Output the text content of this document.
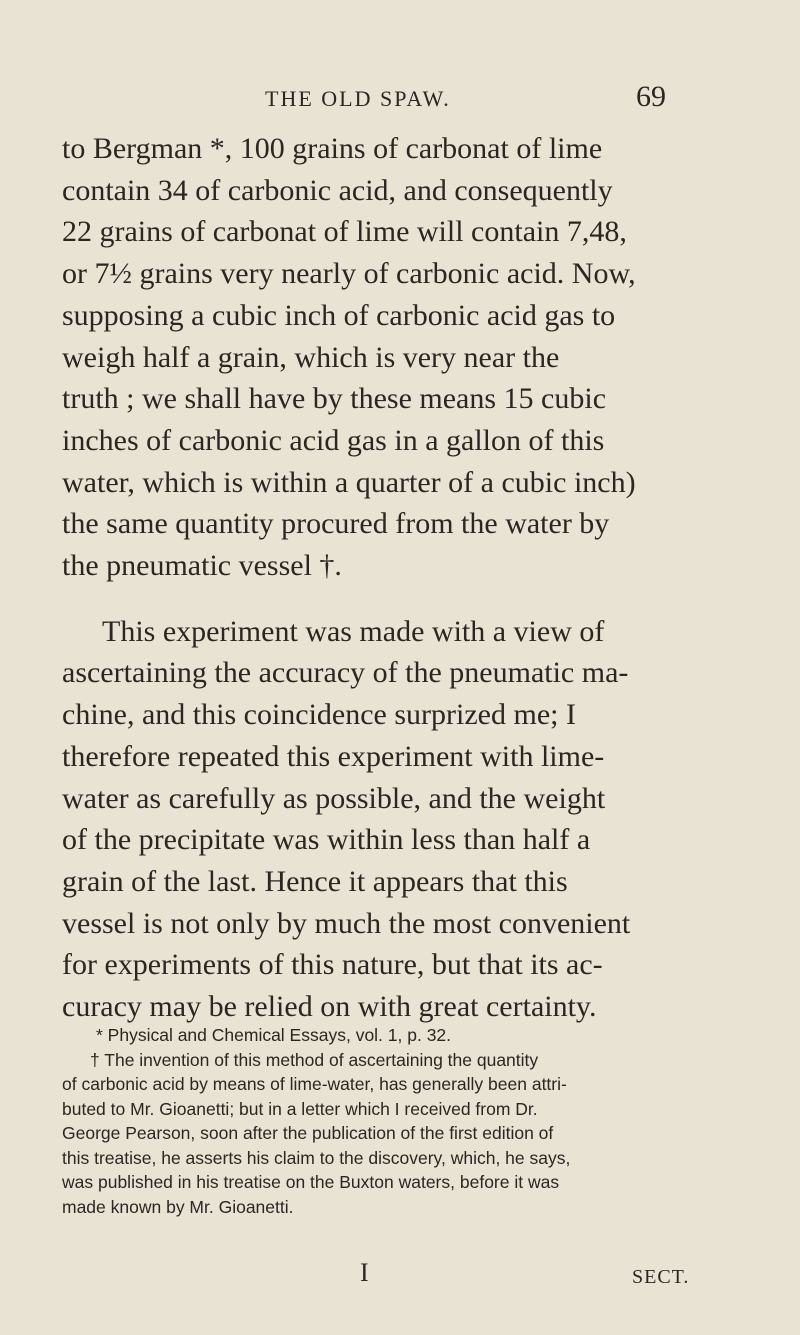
THE OLD SPAW.	69

to Bergman *, 100 grains of carbonat of lime

contain 34 of carbonic acid, and consequently

22 grains of carbonat of lime will contain 7,48,

or 7½ grains very nearly of carbonic acid. Now,

supposing a cubic inch of carbonic acid gas to

weigh half a grain, which is very near the

truth ; we shall have by these means 15 cubic

inches of carbonic acid gas in a gallon of this

water, which is within a quarter of a cubic inch)

the same quantity procured from the water by

the pneumatic vessel †.

This experiment was made with a view of

ascertaining the accuracy of the pneumatic ma-

chine, and this coincidence surprized me; I

therefore repeated this experiment with lime-

water as carefully as possible, and the weight

of the precipitate was within less than half a

grain of the last. Hence it appears that this

vessel is not only by much the most convenient

for experiments of this nature, but that its ac-

curacy may be relied on with great certainty.

* Physical and Chemical Essays, vol. 1, p. 32.
† The invention of this method of ascertaining the quantity
of carbonic acid by means of lime-water, has generally been attri-
buted to Mr. Gioanetti; but in a letter which I received from Dr.
George Pearson, soon after the publication of the first edition of
this treatise, he asserts his claim to the discovery, which, he says,
was published in his treatise on the Buxton waters, before it was
made known by Mr. Gioanetti.
I	SECT.
